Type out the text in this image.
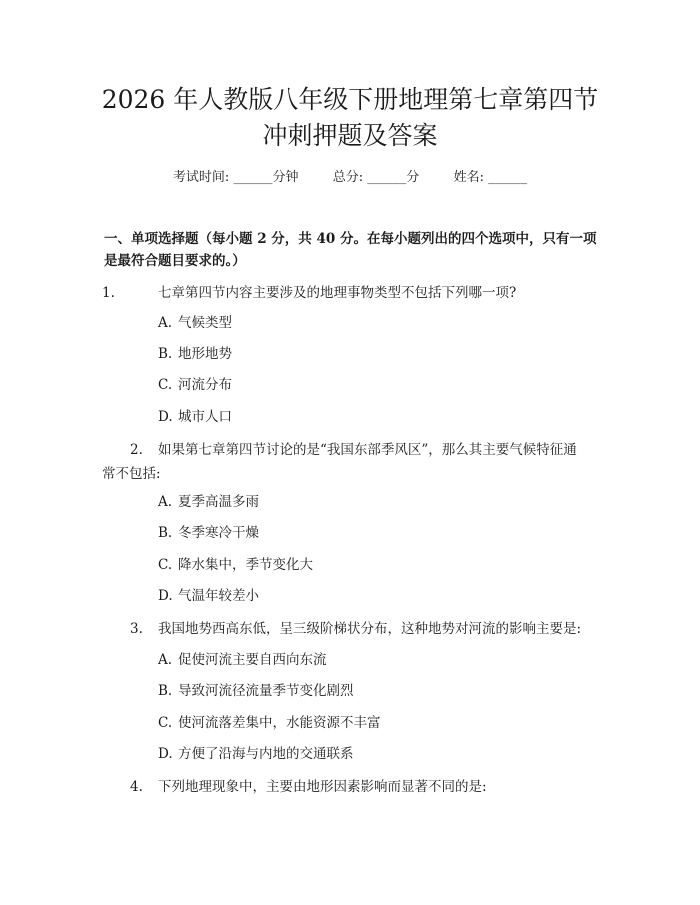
2026 年人教版八年级下册地理第七章第四节
冲刺押题及答案
考试时间: ______分钟	总分: ______分	姓名: ______
一、单项选择题（每小题 2 分，共 40 分。在每小题列出的四个选项中，只有一项
是最符合题目要求的。）
1.	七章第四节内容主要涉及的地理事物类型不包括下列哪一项?
A. 气候类型
B. 地形地势
C. 河流分布
D. 城市人口
2. 如果第七章第四节讨论的是“我国东部季风区”，那么其主要气候特征通
常不包括:
A. 夏季高温多雨
B. 冬季寒冷干燥
C. 降水集中，季节变化大
D. 气温年较差小
3. 我国地势西高东低，呈三级阶梯状分布，这种地势对河流的影响主要是:
A. 促使河流主要自西向东流
B. 导致河流径流量季节变化剧烈
C. 使河流落差集中，水能资源不丰富
D. 方便了沿海与内地的交通联系
4. 下列地理现象中，主要由地形因素影响而显著不同的是:
